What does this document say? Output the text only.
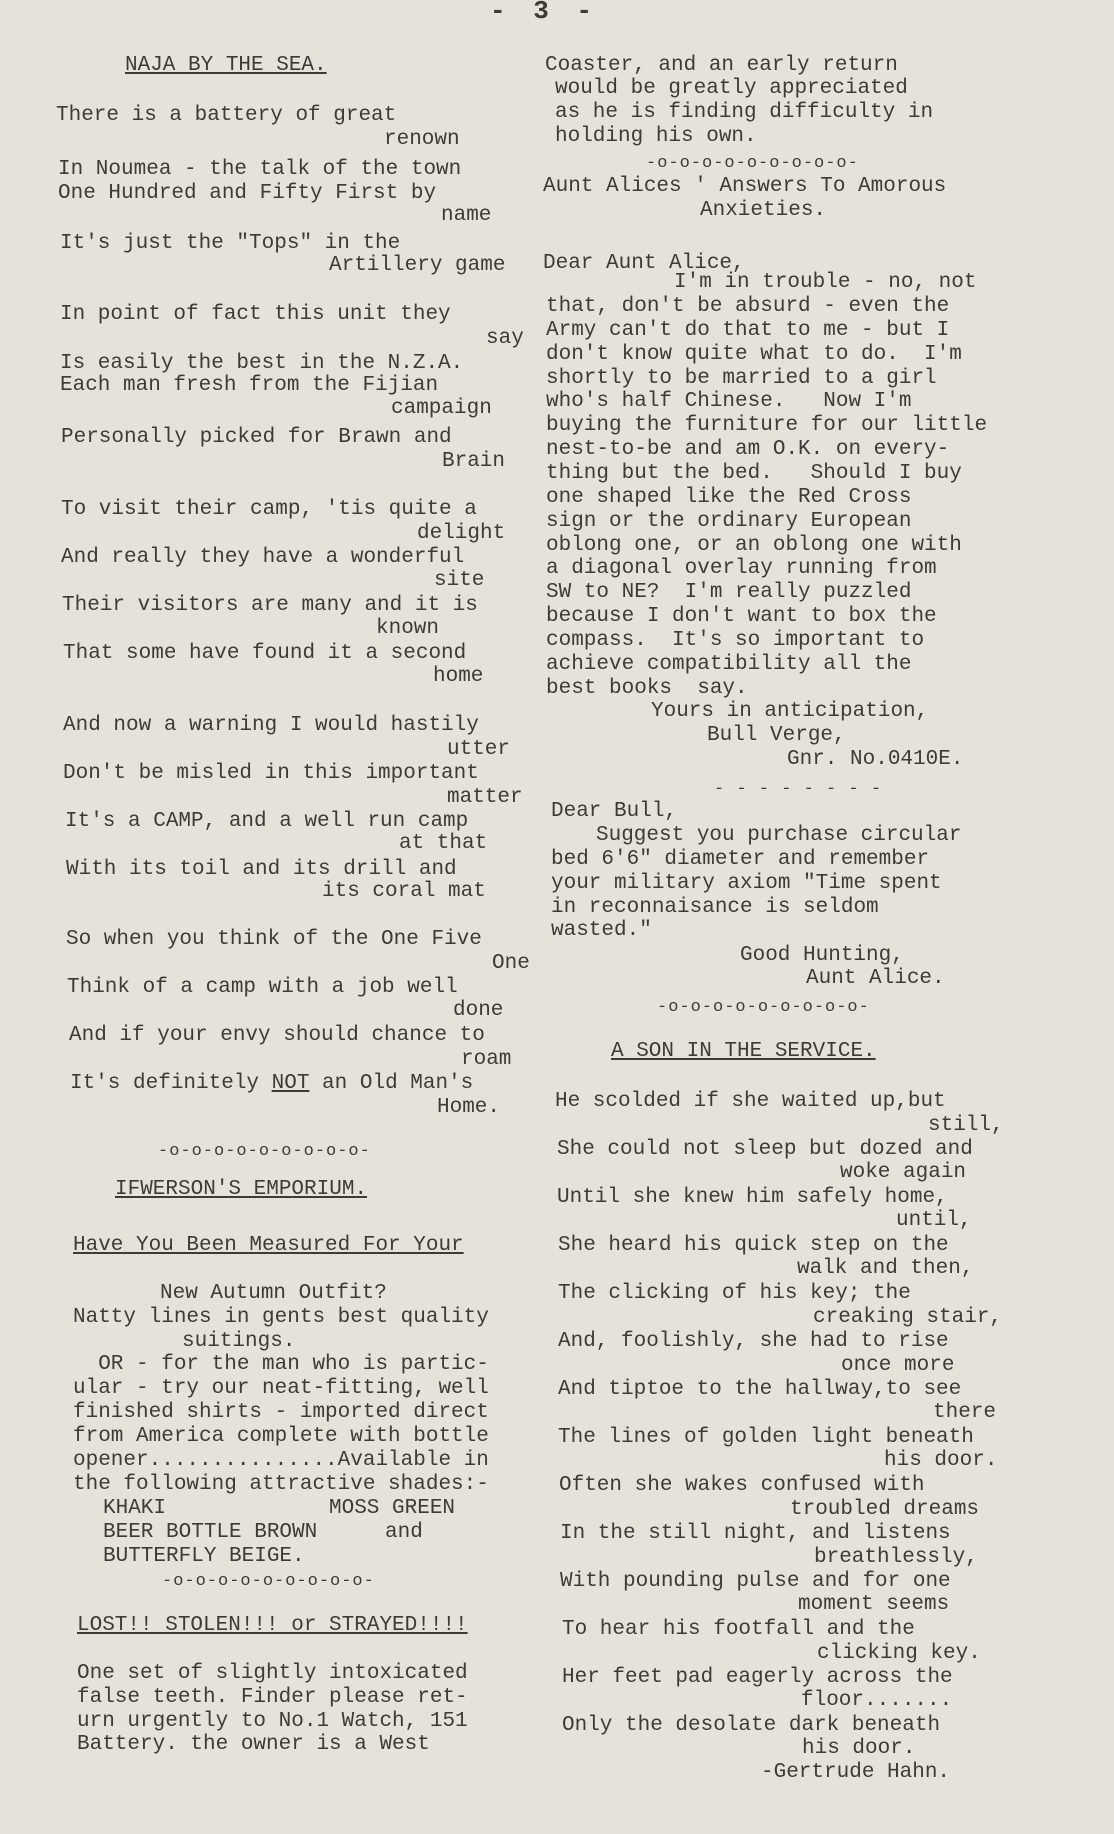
- 3 -
NAJA BY THE SEA.
There is a battery of great
renown
In Noumea - the talk of the town
One Hundred and Fifty First by
name
It's just the "Tops" in the
Artillery game
In point of fact this unit they
say
Is easily the best in the N.Z.A.
Each man fresh from the Fijian
campaign
Personally picked for Brawn and
Brain
To visit their camp, 'tis quite a
delight
And really they have a wonderful
site
Their visitors are many and it is
known
That some have found it a second
home
And now a warning I would hastily
utter
Don't be misled in this important
matter
It's a CAMP, and a well run camp
at that
With its toil and its drill and
its coral mat
So when you think of the One Five
One
Think of a camp with a job well
done
And if your envy should chance to
roam
It's definitely NOT an Old Man's
Home.
-o-o-o-o-o-o-o-o-o-
IFWERSON'S EMPORIUM.
Have You Been Measured For Your
New Autumn Outfit?
Natty lines in gents best quality
suitings.
OR - for the man who is partic-
ular - try our neat-fitting, well
finished shirts - imported direct
from America complete with bottle
opener...............Available in
the following attractive shades:-
KHAKI	MOSS GREEN
BEER BOTTLE BROWN	and
BUTTERFLY BEIGE.
-o-o-o-o-o-o-o-o-o-
LOST!! STOLEN!!! or STRAYED!!!!
One set of slightly intoxicated
false teeth. Finder please ret-
urn urgently to No.1 Watch, 151
Battery. the owner is a West
Coaster, and an early return
would be greatly appreciated
as he is finding difficulty in
holding his own.
-o-o-o-o-o-o-o-o-o-
Aunt Alices ' Answers To Amorous
Anxieties.
Dear Aunt Alice,
I'm in trouble - no, not
that, don't be absurd - even the
Army can't do that to me - but I
don't know quite what to do.  I'm
shortly to be married to a girl
who's half Chinese.   Now I'm
buying the furniture for our little
nest-to-be and am O.K. on every-
thing but the bed.   Should I buy
one shaped like the Red Cross
sign or the ordinary European
oblong one, or an oblong one with
a diagonal overlay running from
SW to NE?  I'm really puzzled
because I don't want to box the
compass.  It's so important to
achieve compatibility all the
best books  say.
Yours in anticipation,
Bull Verge,
Gnr. No.0410E.
- - - - - - - -
Dear Bull,
Suggest you purchase circular
bed 6'6" diameter and remember
your military axiom "Time spent
in reconnaisance is seldom
wasted."
Good Hunting,
Aunt Alice.
-o-o-o-o-o-o-o-o-o-
A SON IN THE SERVICE.
He scolded if she waited up,but
still,
She could not sleep but dozed and
woke again
Until she knew him safely home,
until,
She heard his quick step on the
walk and then,
The clicking of his key; the
creaking stair,
And, foolishly, she had to rise
once more
And tiptoe to the hallway,to see
there
The lines of golden light beneath
his door.
Often she wakes confused with
troubled dreams
In the still night, and listens
breathlessly,
With pounding pulse and for one
moment seems
To hear his footfall and the
clicking key.
Her feet pad eagerly across the
floor.......
Only the desolate dark beneath
his door.
-Gertrude Hahn.
